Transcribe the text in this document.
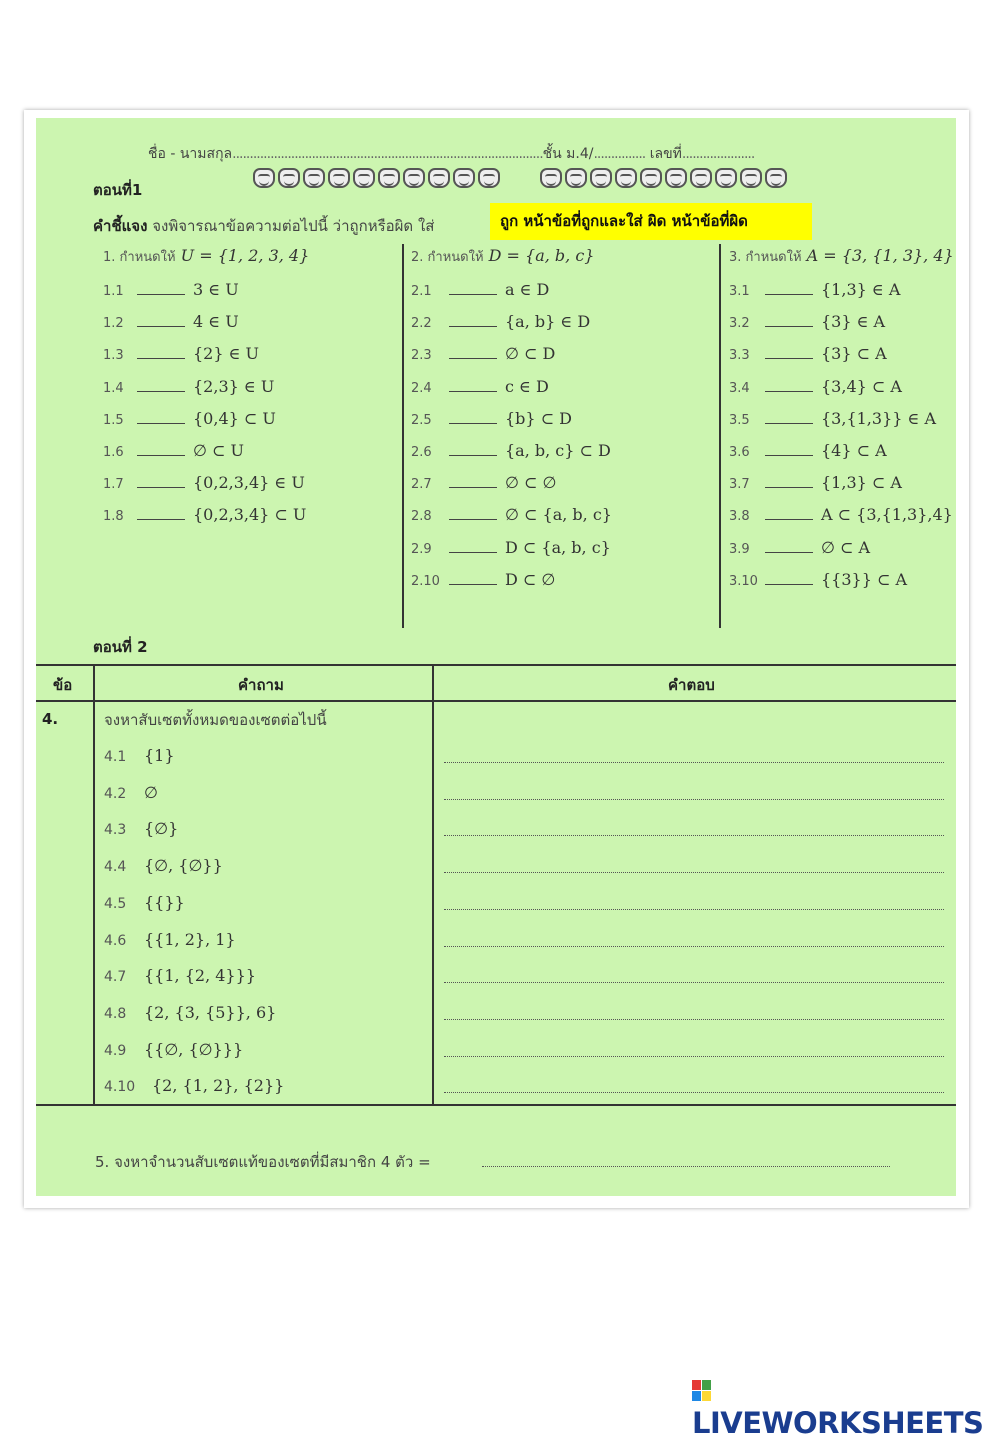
ชื่อ - นามสกุล..........................................................................................ชั้น ม.4/............... เลขที่.....................
ตอนที่1
คำชี้แจง จงพิจารณาข้อความต่อไปนี้ ว่าถูกหรือผิด ใส่	ถูก หน้าข้อที่ถูกและใส่ ผิด หน้าข้อที่ผิด
1. กำหนดให้ U = {1, 2, 3, 4}
1.1	3 ∈ U
1.2	4 ∈ U
1.3	{2} ∈ U
1.4	{2,3} ∈ U
1.5	{0,4} ⊂ U
1.6	∅ ⊂ U
1.7	{0,2,3,4} ∈ U
1.8	{0,2,3,4} ⊂ U
2. กำหนดให้ D = {a, b, c}
2.1	a ∈ D
2.2	{a, b} ∈ D
2.3	∅ ⊂ D
2.4	c ∈ D
2.5	{b} ⊂ D
2.6	{a, b, c} ⊂ D
2.7	∅ ⊂ ∅
2.8	∅ ⊂ {a, b, c}
2.9	D ⊂ {a, b, c}
2.10	D ⊂ ∅
3. กำหนดให้ A = {3, {1, 3}, 4}
3.1	{1,3} ∈ A
3.2	{3} ∈ A
3.3	{3} ⊂ A
3.4	{3,4} ⊂ A
3.5	{3,{1,3}} ∈ A
3.6	{4} ⊂ A
3.7	{1,3} ⊂ A
3.8	A ⊂ {3,{1,3},4}
3.9	∅ ⊂ A
3.10	{{3}} ⊂ A
ตอนที่ 2
ข้อ	คำถาม	คำตอบ
4.	จงหาสับเซตทั้งหมดของเซตต่อไปนี้
4.1 {1}
4.2 ∅
4.3 {∅}
4.4 {∅, {∅}}
4.5 {{}}
4.6 {{1, 2}, 1}
4.7 {{1, {2, 4}}}
4.8 {2, {3, {5}}, 6}
4.9 {{∅, {∅}}}
4.10 {2, {1, 2}, {2}}
5. จงหาจำนวนสับเซตแท้ของเซตที่มีสมาชิก 4 ตัว =
LIVEWORKSHEETS
